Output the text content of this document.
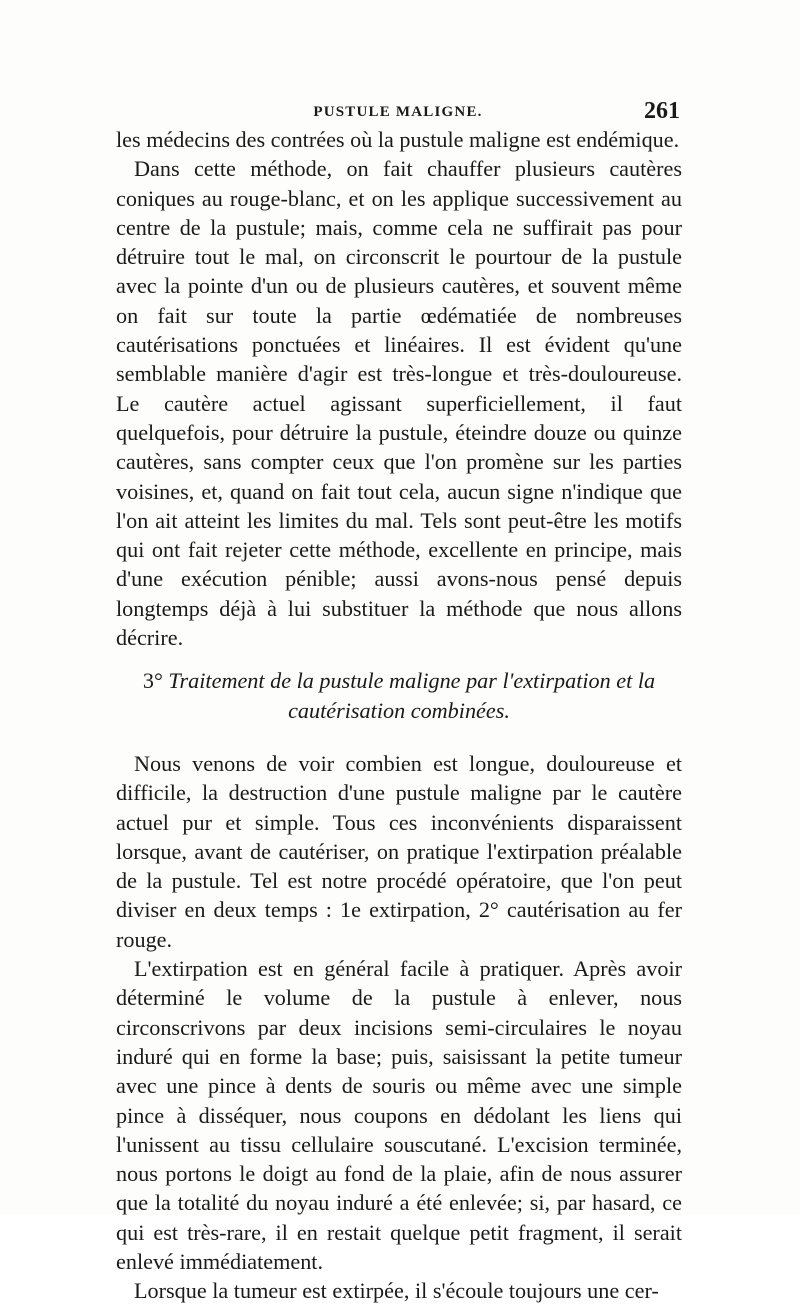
PUSTULE MALIGNE.	261

les médecins des contrées où la pustule maligne est endémique.

Dans cette méthode, on fait chauffer plusieurs cautères coniques au rouge-blanc, et on les applique successivement au centre de la pustule; mais, comme cela ne suffirait pas pour détruire tout le mal, on circonscrit le pourtour de la pustule avec la pointe d'un ou de plusieurs cautères, et souvent même on fait sur toute la partie œdématiée de nombreuses cautérisations ponctuées et linéaires. Il est évident qu'une semblable manière d'agir est très-longue et très-douloureuse. Le cautère actuel agissant superficiellement, il faut quelquefois, pour détruire la pustule, éteindre douze ou quinze cautères, sans compter ceux que l'on promène sur les parties voisines, et, quand on fait tout cela, aucun signe n'indique que l'on ait atteint les limites du mal. Tels sont peut-être les motifs qui ont fait rejeter cette méthode, excellente en principe, mais d'une exécution pénible; aussi avons-nous pensé depuis longtemps déjà à lui substituer la méthode que nous allons décrire.

3° Traitement de la pustule maligne par l'extirpation et la cautérisation combinées.

Nous venons de voir combien est longue, douloureuse et difficile, la destruction d'une pustule maligne par le cautère actuel pur et simple. Tous ces inconvénients disparaissent lorsque, avant de cautériser, on pratique l'extirpation préalable de la pustule. Tel est notre procédé opératoire, que l'on peut diviser en deux temps : 1e extirpation, 2° cautérisation au fer rouge.

L'extirpation est en général facile à pratiquer. Après avoir déterminé le volume de la pustule à enlever, nous circonscrivons par deux incisions semi-circulaires le noyau induré qui en forme la base; puis, saisissant la petite tumeur avec une pince à dents de souris ou même avec une simple pince à disséquer, nous coupons en dédolant les liens qui l'unissent au tissu cellulaire souscutané. L'excision terminée, nous portons le doigt au fond de la plaie, afin de nous assurer que la totalité du noyau induré a été enlevée; si, par hasard, ce qui est très-rare, il en restait quelque petit fragment, il serait enlevé immédiatement.

Lorsque la tumeur est extirpée, il s'écoule toujours une cer-
